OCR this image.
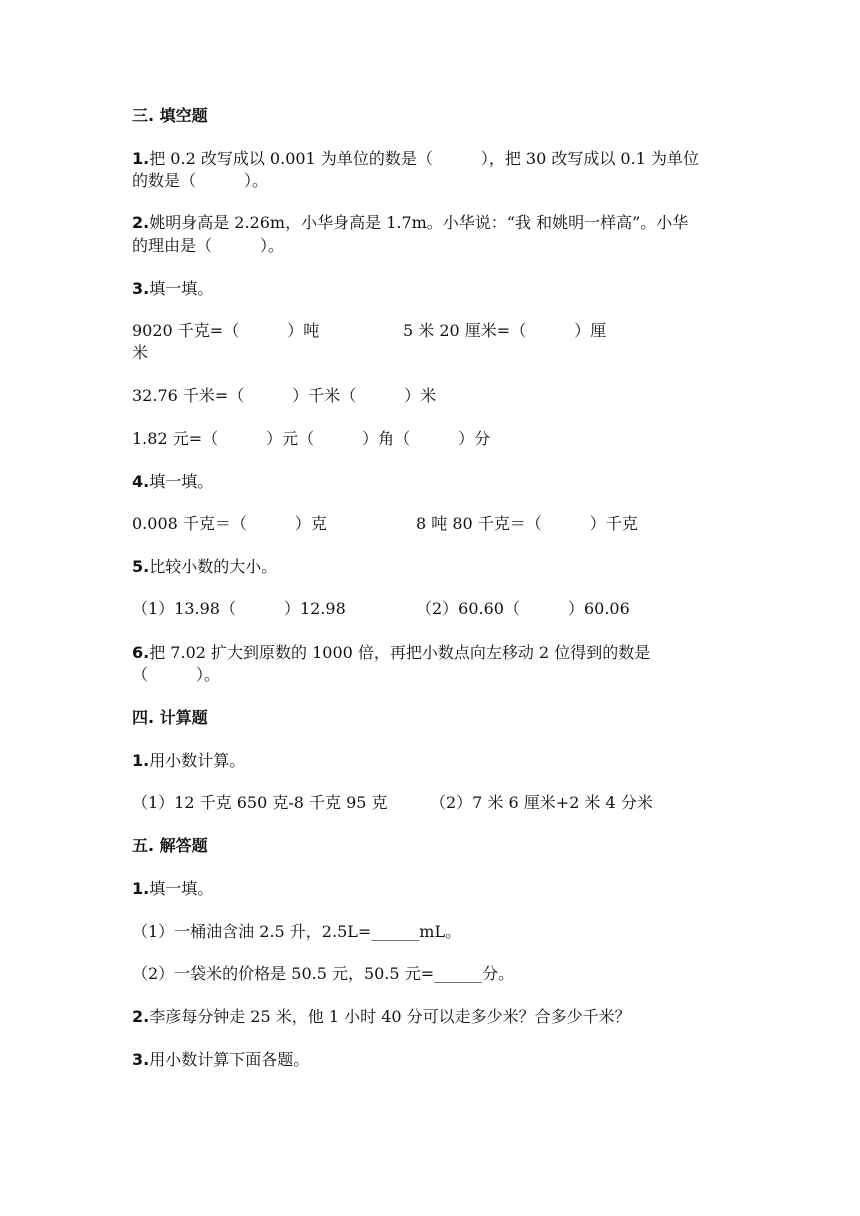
三. 填空题
1.把 0.2 改写成以 0.001 为单位的数是（　　　），把 30 改写成以 0.1 为单位
的数是（　　　）。
2.姚明身高是 2.26m，小华身高是 1.7m。小华说：“我 和姚明一样高”。小华
的理由是（　　　）。
3.填一填。
9020 千克=（　　　）吨	5 米 20 厘米=（　　　）厘
米
32.76 千米=（　　　）千米（　　　）米
1.82 元=（　　　）元（　　　）角（　　　）分
4.填一填。
0.008 千克＝（　　　）克	8 吨 80 千克＝（　　　）千克
5.比较小数的大小。
（1）13.98（　　　）12.98	（2）60.60（　　　）60.06
6.把 7.02 扩大到原数的 1000 倍，再把小数点向左移动 2 位得到的数是
（　　　）。
四. 计算题
1.用小数计算。
（1）12 千克 650 克-8 千克 95 克	（2）7 米 6 厘米+2 米 4 分米
五. 解答题
1.填一填。
（1）一桶油含油 2.5 升，2.5L=______mL。
（2）一袋米的价格是 50.5 元，50.5 元=______分。
2.李彦每分钟走 25 米，他 1 小时 40 分可以走多少米？合多少千米？
3.用小数计算下面各题。
